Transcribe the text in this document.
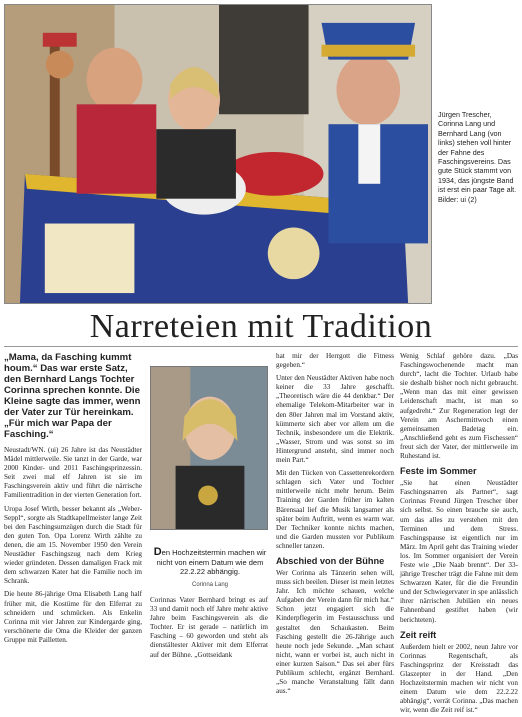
Jürgen Trescher, Corinna Lang und Bernhard Lang (von links) stehen voll hinter der Fahne des Faschingsvereins. Das gute Stück stammt von 1934, das jüngste Band ist erst ein paar Tage alt. Bilder: ui (2)
Narreteien mit Tradition
„Mama, da Fasching kummt houm.“ Das war erste Satz, den Bernhard Langs Tochter Corinna sprechen konnte. Die Kleine sagte das immer, wenn der Vater zur Tür hereinkam. „Für mich war Papa der Fasching.“

Neustadt/WN. (ui) 26 Jahre ist das Neustädter Mädel mittlerweile. Sie tanzt in der Garde, war 2000 Kinder- und 2011 Faschingsprinzessin. Seit zwei mal elf Jahren ist sie im Faschingsverein aktiv und führt die närrische Familientradition in der vierten Generation fort.

Uropa Josef Wirth, besser bekannt als „Weber-Seppl“, sorgte als Stadtkapellmeister lange Zeit bei den Faschingsumzügen durch die Stadt für den guten Ton. Opa Lorenz Wirth zählte zu denen, die am 15. November 1950 den Verein Neustädter Faschingszug nach dem Krieg wieder gründeten. Dessen damaligen Frack mit dem schwarzen Kater hat die Familie noch im Schrank.

Die heute 86-jährige Oma Elisabeth Lang half früher mit, die Kostüme für den Elferrat zu schneidern und schmücken. Als Enkelin Corinna mit vier Jahren zur Kindergarde ging, verschönerte die Oma die Kleider der ganzen Gruppe mit Pailletten.

Den Hochzeitstermin machen wir nicht von einem Datum wie dem 22.2.22 abhängig.
Corinna Lang

Corinnas Vater Bernhard bringt es auf 33 und damit noch elf Jahre mehr aktive Jahre beim Faschingsverein als die Tochter. Er ist gerade – natürlich im Fasching – 60 geworden und steht als dienstältester Aktiver mit dem Elferrat auf der Bühne. „Gottseidank

hat mir der Herrgott die Fitness gegeben.“

Unter den Neustädter Aktiven habe noch keiner die 33 Jahre geschafft. „Theoretisch wäre die 44 denkbar.“ Der ehemalige Telekom-Mitarbeiter war in den 80er Jahren mal im Vorstand aktiv, kümmerte sich aber vor allem um die Technik, insbesondere um die Elektrik. „Wasser, Strom und was sonst so im Hintergrund ansteht, sind immer noch mein Part.“

Mit den Tücken von Cassettenrekordern schlagen sich Vater und Tochter mittlerweile nicht mehr herum. Beim Training der Garden früher im kalten Bärensaal lief die Musik langsamer als später beim Auftritt, wenn es warm war. Der Techniker konnte nichts machen, und die Garden mussten vor Publikum schneller tanzen.

Abschied von der Bühne

Wer Corinna als Tänzerin sehen will, muss sich beeilen. Dieser ist mein letztes Jahr. Ich möchte schauen, welche Aufgaben der Verein dann für mich hat.“ Schon jetzt engagiert sich die Kinderpflegerin im Festausschuss und gestaltet den Schaukasten. Beim Fasching gestellt die 26-Jährige auch heute noch jede Sekunde. „Man schaut nicht, wann er vorbei ist, auch nicht in einer kurzen Saison.“ Das sei aber fürs Publikum schlecht, ergänzt Bernhard. „So manche Veranstaltung fällt dann aus.“

Wenig Schlaf gehöre dazu. „Das Faschingswochenende macht man durch“, lacht die Tochter. Urlaub habe sie deshalb bisher noch nicht gebraucht. „Wenn man das mit einer gewissen Leidenschaft macht, ist man so aufgedreht.“ Zur Regeneration legt der Verein am Aschermittwoch einen gemeinsamen Badetag ein. „Anschließend geht es zum Fischessen“ freut sich der Vater, der mittlerweile im Ruhestand ist.

Feste im Sommer

„Sie hat einen Neustädter Faschingsnarren als Partner“, sagt Corinnas Freund Jürgen Trescher über sich selbst. So einen brauche sie auch, um das alles zu verstehen mit den Terminen und dem Stress. Faschingspause ist eigentlich nur im März. Im April geht das Training wieder los. Im Sommer organisiert der Verein Feste wie „Die Naab brennt“. Der 33-jährige Trescher trägt die Fahne mit dem Schwarzen Kater, für die die Freundin und der Schwiegervater in spe anlässlich ihrer närrischen Jubiläen ein neues Fahnenband gestiftet haben (wir berichteten).

Zeit reift

Außerdem hielt er 2002, neun Jahre vor Corinnas Regentschaft, als Faschingsprinz der Kreisstadt das Glaszepter in der Hand. „Den Hochzeitstermin machen wir nicht von einem Datum wie dem 22.2.22 abhängig“, verrät Corinna. „Das machen wir, wenn die Zeit reif ist.“
